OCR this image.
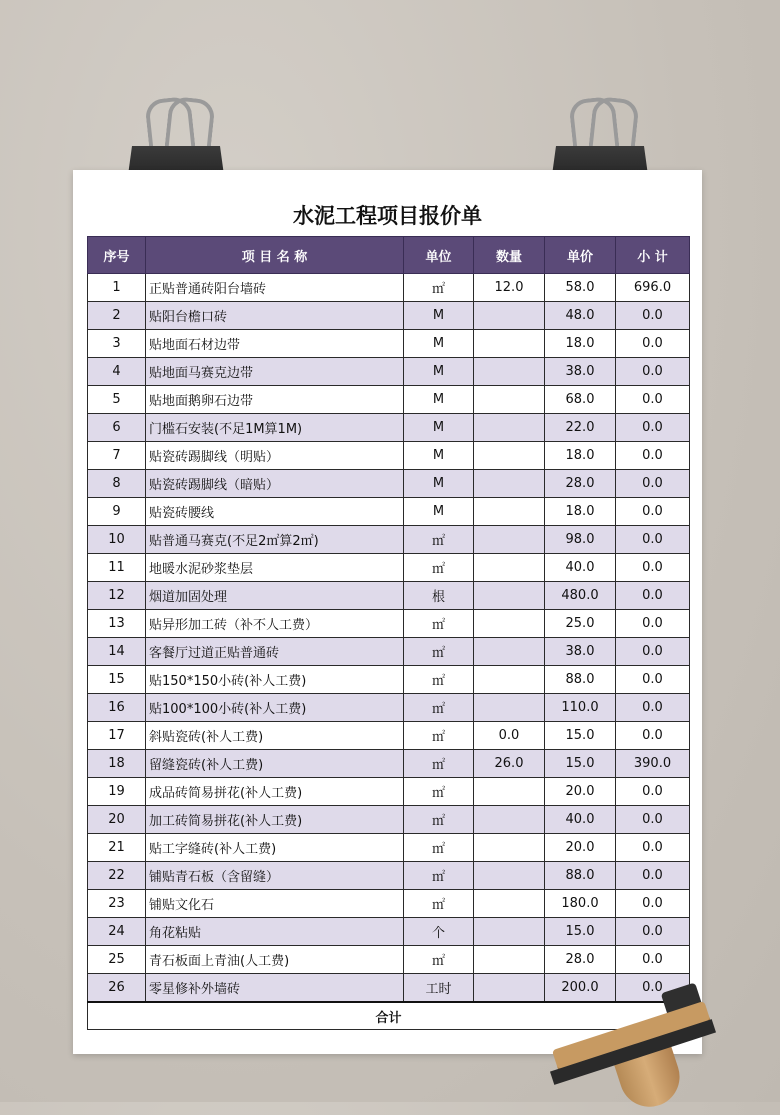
水泥工程项目报价单
序号	项 目 名 称	单位	数量	单价	小 计
1	正贴普通砖阳台墙砖	㎡	12.0	58.0	696.0
2	贴阳台檐口砖	M		48.0	0.0
3	贴地面石材边带	M		18.0	0.0
4	贴地面马赛克边带	M		38.0	0.0
5	贴地面鹅卵石边带	M		68.0	0.0
6	门槛石安装(不足1M算1M)	M		22.0	0.0
7	贴瓷砖踢脚线（明贴）	M		18.0	0.0
8	贴瓷砖踢脚线（暗贴）	M		28.0	0.0
9	贴瓷砖腰线	M		18.0	0.0
10	贴普通马赛克(不足2㎡算2㎡)	㎡		98.0	0.0
11	地暖水泥砂浆垫层	㎡		40.0	0.0
12	烟道加固处理	根		480.0	0.0
13	贴异形加工砖（补不人工费）	㎡		25.0	0.0
14	客餐厅过道正贴普通砖	㎡		38.0	0.0
15	贴150*150小砖(补人工费)	㎡		88.0	0.0
16	贴100*100小砖(补人工费)	㎡		110.0	0.0
17	斜贴瓷砖(补人工费)	㎡	0.0	15.0	0.0
18	留缝瓷砖(补人工费)	㎡	26.0	15.0	390.0
19	成品砖简易拼花(补人工费)	㎡		20.0	0.0
20	加工砖简易拼花(补人工费)	㎡		40.0	0.0
21	贴工字缝砖(补人工费)	㎡		20.0	0.0
22	铺贴青石板（含留缝）	㎡		88.0	0.0
23	铺贴文化石	㎡		180.0	0.0
24	角花粘贴	个		15.0	0.0
25	青石板面上青油(人工费)	㎡		28.0	0.0
26	零星修补外墙砖	工时		200.0	0.0
合计					
